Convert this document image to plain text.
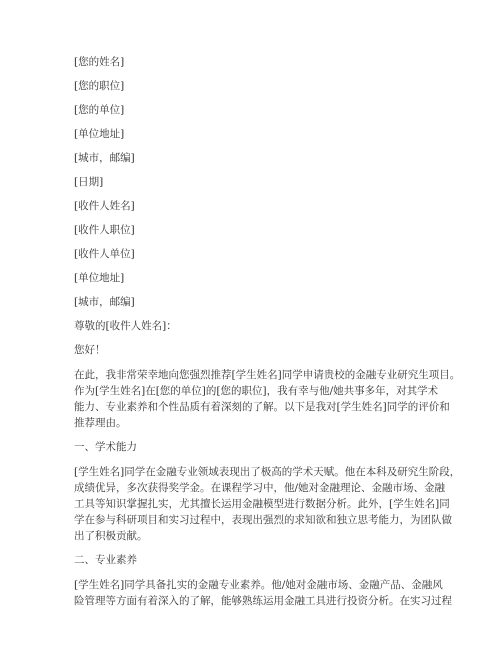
[您的姓名]
[您的职位]
[您的单位]
[单位地址]
[城市，邮编]
[日期]
[收件人姓名]
[收件人职位]
[收件人单位]
[单位地址]
[城市，邮编]
尊敬的[收件人姓名]：
您好！
在此，我非常荣幸地向您强烈推荐[学生姓名]同学申请贵校的金融专业研究生项目。
作为[学生姓名]在[您的单位]的[您的职位]，我有幸与他/她共事多年，对其学术
能力、专业素养和个性品质有着深刻的了解。以下是我对[学生姓名]同学的评价和
推荐理由。
一、学术能力
[学生姓名]同学在金融专业领域表现出了极高的学术天赋。他在本科及研究生阶段，
成绩优异，多次获得奖学金。在课程学习中，他/她对金融理论、金融市场、金融
工具等知识掌握扎实，尤其擅长运用金融模型进行数据分析。此外，[学生姓名]同
学在参与科研项目和实习过程中，表现出强烈的求知欲和独立思考能力，为团队做
出了积极贡献。
二、专业素养
[学生姓名]同学具备扎实的金融专业素养。他/她对金融市场、金融产品、金融风
险管理等方面有着深入的了解，能够熟练运用金融工具进行投资分析。在实习过程
